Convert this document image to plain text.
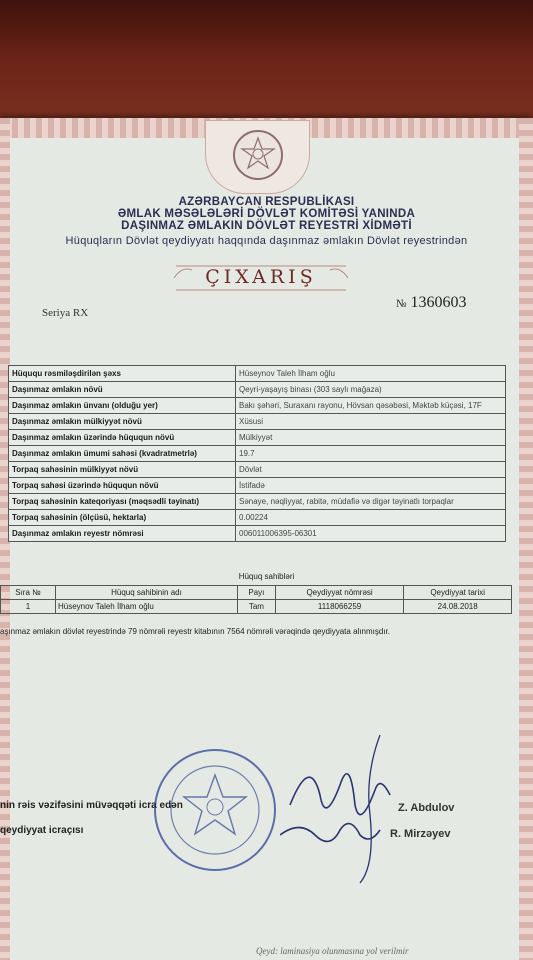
AZƏRBAYCAN RESPUBLİKASI
ƏMLAK MƏSƏLƏLƏRİ DÖVLƏT KOMİTƏSİ YANINDA
DAŞINMAZ ƏMLAKIN DÖVLƏT REYESTRİ XİDMƏTİ
Hüquqların Dövlət qeydiyyatı haqqında daşınmaz əmlakın Dövlət reyestrindən
ÇIXARIŞ
Seriya RX
№ 1360603
Hüququ rəsmiləşdirilən şəxs	Hüseynov Taleh İlham oğlu
Daşınmaz əmlakın növü	Qeyri-yaşayış binası (303 saylı mağaza)
Daşınmaz əmlakın ünvanı (olduğu yer)	Bakı şəhəri, Suraxanı rayonu, Hövsan qəsəbəsi, Məktəb küçəsi, 17F
Daşınmaz əmlakın mülkiyyət növü	Xüsusi
Daşınmaz əmlakın üzərində hüququn növü	Mülkiyyət
Daşınmaz əmlakın ümumi sahəsi (kvadratmetrlə)	19.7
Torpaq sahəsinin mülkiyyət növü	Dövlət
Torpaq sahəsi üzərində hüququn növü	İstifadə
Torpaq sahəsinin kateqoriyası (məqsədli təyinatı)	Sənaye, nəqliyyat, rabitə, müdafiə və digər təyinatlı torpaqlar
Torpaq sahəsinin (ölçüsü, hektarla)	0.00224
Daşınmaz əmlakın reyestr nömrəsi	006011006395-06301
Hüquq sahibləri
Sıra №	Hüquq sahibinin adı	Payı	Qeydiyyat nömrəsi	Qeydiyyat tarixi
1	Hüseynov Taleh İlham oğlu	Tam	1118066259	24.08.2018
aşınmaz əmlakın dövlət reyestrində 79 nömrəli reyestr kitabının 7564 nömrəli vərəqində qeydiyyata alınmışdır.
nin rəis vəzifəsini müvəqqəti icra edən
qeydiyyat icraçısı
Z. Abdulov
R. Mirzəyev
Qeyd: laminasiya olunmasına yol verilmir
